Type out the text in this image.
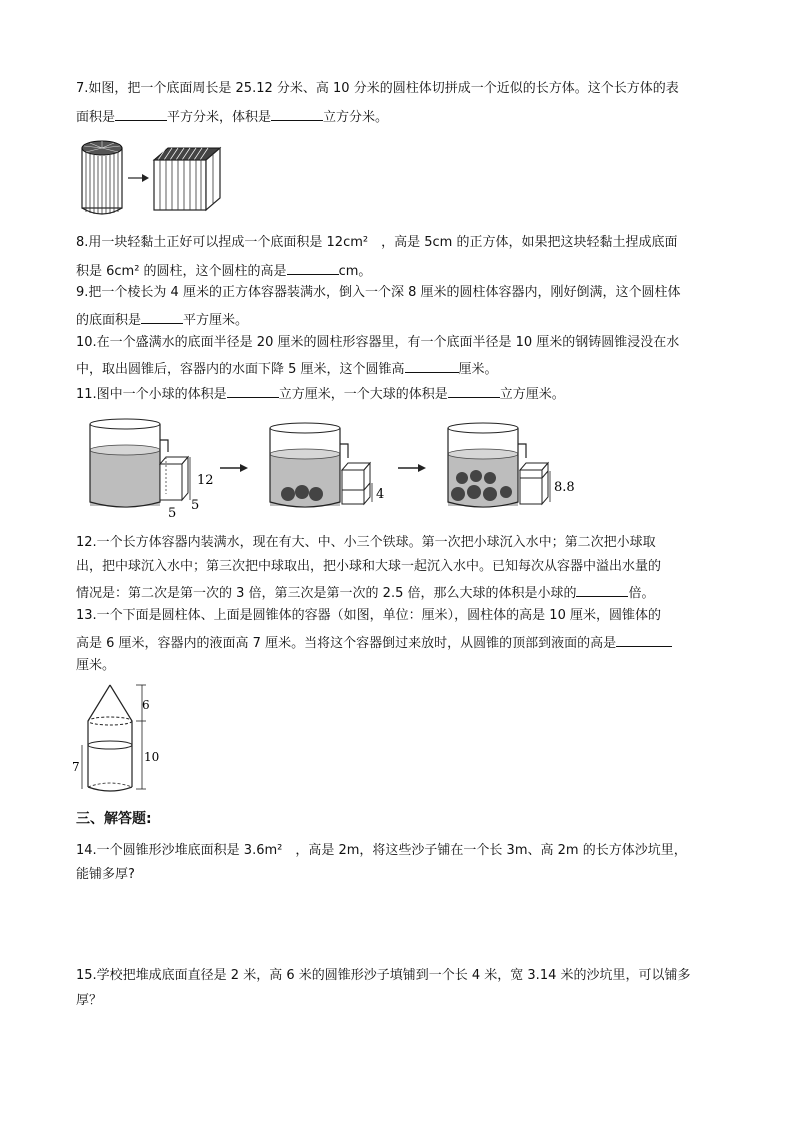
7.如图，把一个底面周长是 25.12 分米、高 10 分米的圆柱体切拼成一个近似的长方体。这个长方体的表
面积是	平方分米，体积是	立方分米。
8.用一块轻黏土正好可以捏成一个底面积是 12cm²　，高是 5cm 的正方体，如果把这块轻黏土捏成底面
积是 6cm² 的圆柱，这个圆柱的高是	cm。
9.把一个棱长为 4 厘米的正方体容器装满水，倒入一个深 8 厘米的圆柱体容器内，刚好倒满，这个圆柱体
的底面积是	平方厘米。
10.在一个盛满水的底面半径是 20 厘米的圆柱形容器里，有一个底面半径是 10 厘米的钢铸圆锥浸没在水
中，取出圆锥后，容器内的水面下降 5 厘米，这个圆锥高	厘米。
11.图中一个小球的体积是	立方厘米，一个大球的体积是	立方厘米。
12
5
5
4	8.8
12.一个长方体容器内装满水，现在有大、中、小三个铁球。第一次把小球沉入水中；第二次把小球取
出，把中球沉入水中；第三次把中球取出，把小球和大球一起沉入水中。已知每次从容器中溢出水量的
情况是：第二次是第一次的 3 倍，第三次是第一次的 2.5 倍，那么大球的体积是小球的	倍。
13.一个下面是圆柱体、上面是圆锥体的容器（如图，单位：厘米），圆柱体的高是 10 厘米，圆锥体的
高是 6 厘米，容器内的液面高 7 厘米。当将这个容器倒过来放时，从圆锥的顶部到液面的高是
厘米。
6
10
7
三、解答题:
14.一个圆锥形沙堆底面积是 3.6m²　，高是 2m，将这些沙子铺在一个长 3m、高 2m 的长方体沙坑里，
能铺多厚?
15.学校把堆成底面直径是 2 米，高 6 米的圆锥形沙子填铺到一个长 4 米，宽 3.14 米的沙坑里，可以铺多
厚？
